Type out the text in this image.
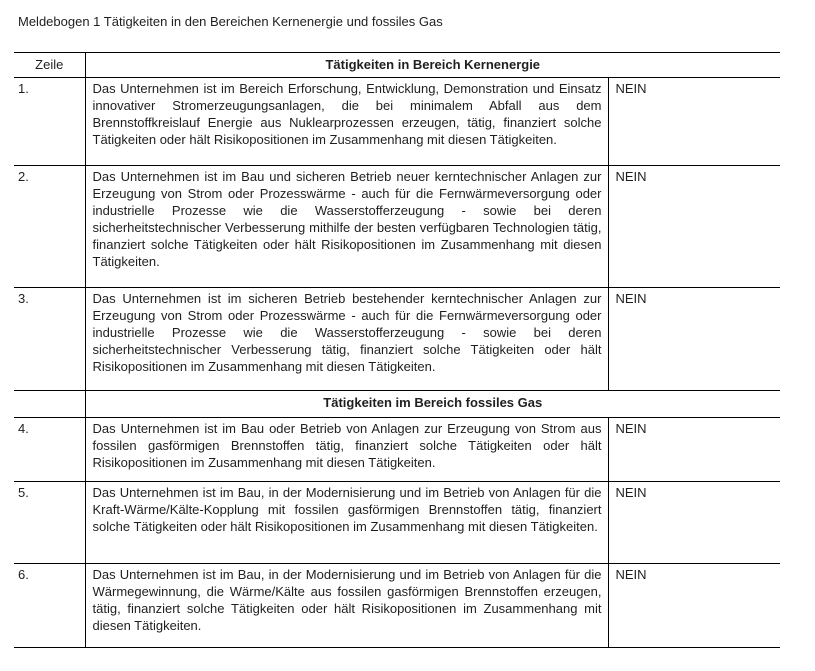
Meldebogen 1 Tätigkeiten in den Bereichen Kernenergie und fossiles Gas
Zeile	Tätigkeiten in Bereich Kernenergie	
1.	Das Unternehmen ist im Bereich Erforschung, Entwicklung, Demonstration und Einsatz innovativer Stromerzeugungsanlagen, die bei minimalem Abfall aus dem Brennstoffkreislauf Energie aus Nuklearprozessen erzeugen, tätig, finanziert solche Tätigkeiten oder hält Risikopositionen im Zusammenhang mit diesen Tätigkeiten.	NEIN
2.	Das Unternehmen ist im Bau und sicheren Betrieb neuer kerntechnischer Anlagen zur Erzeugung von Strom oder Prozesswärme - auch für die Fernwärmeversorgung oder industrielle Prozesse wie die Wasserstofferzeugung - sowie bei deren sicherheitstechnischer Verbesserung mithilfe der besten verfügbaren Technologien tätig, finanziert solche Tätigkeiten oder hält Risikopositionen im Zusammenhang mit diesen Tätigkeiten.	NEIN
3.	Das Unternehmen ist im sicheren Betrieb bestehender kerntechnischer Anlagen zur Erzeugung von Strom oder Prozesswärme - auch für die Fernwärmeversorgung oder industrielle Prozesse wie die Wasserstofferzeugung - sowie bei deren sicherheitstechnischer Verbesserung tätig, finanziert solche Tätigkeiten oder hält Risikopositionen im Zusammenhang mit diesen Tätigkeiten.	NEIN
	Tätigkeiten im Bereich fossiles Gas	
4.	Das Unternehmen ist im Bau oder Betrieb von Anlagen zur Erzeugung von Strom aus fossilen gasförmigen Brennstoffen tätig, finanziert solche Tätigkeiten oder hält Risikopositionen im Zusammenhang mit diesen Tätigkeiten.	NEIN
5.	Das Unternehmen ist im Bau, in der Modernisierung und im Betrieb von Anlagen für die Kraft-Wärme/Kälte-Kopplung mit fossilen gasförmigen Brennstoffen tätig, finanziert solche Tätigkeiten oder hält Risikopositionen im Zusammenhang mit diesen Tätigkeiten.	NEIN
6.	Das Unternehmen ist im Bau, in der Modernisierung und im Betrieb von Anlagen für die Wärmegewinnung, die Wärme/Kälte aus fossilen gasförmigen Brennstoffen erzeugen, tätig, finanziert solche Tätigkeiten oder hält Risikopositionen im Zusammenhang mit diesen Tätigkeiten.	NEIN
